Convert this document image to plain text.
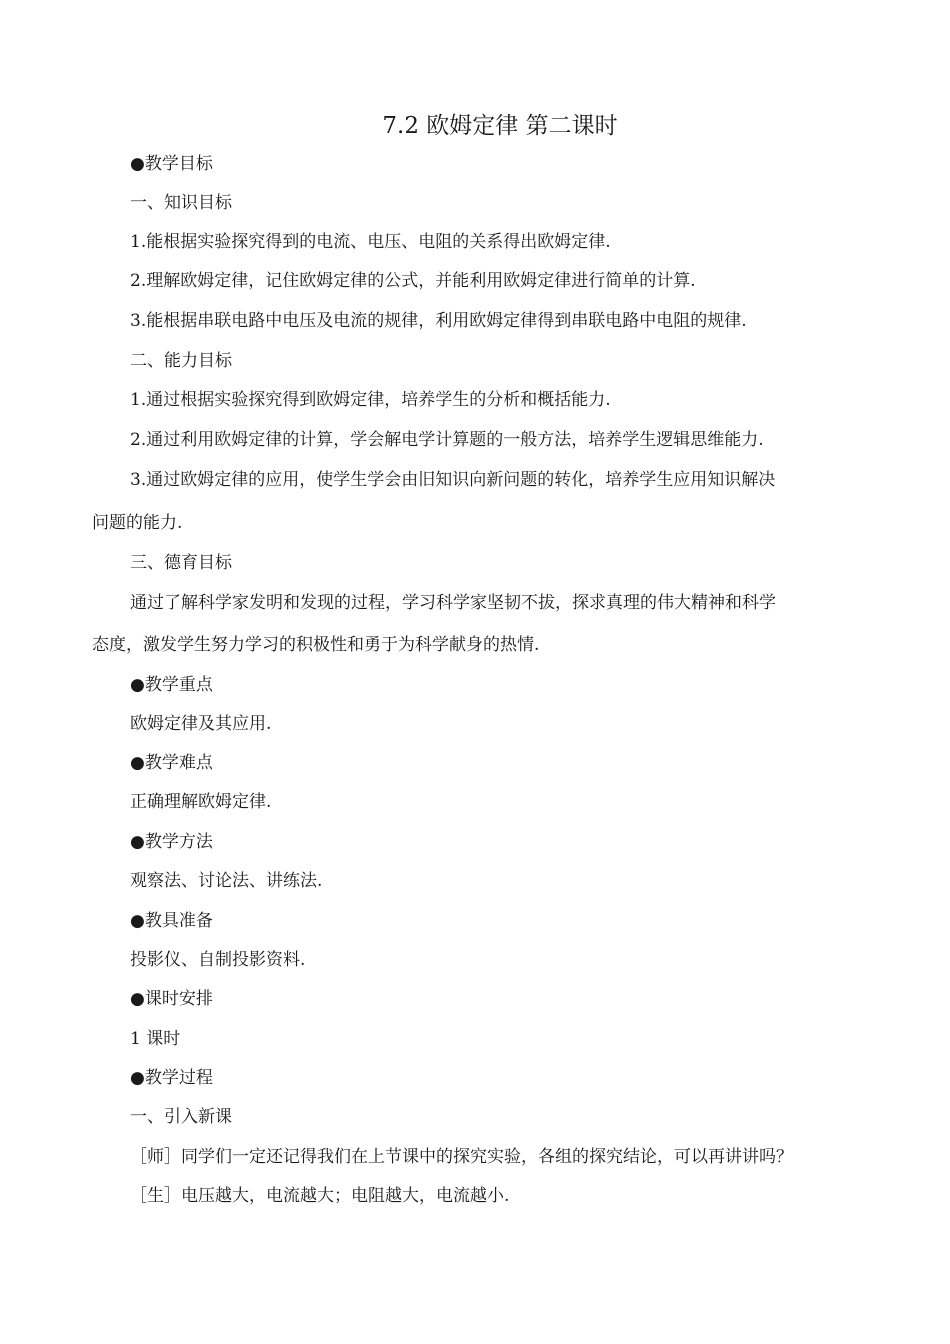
7.2 欧姆定律 第二课时
●教学目标
一、知识目标
1.能根据实验探究得到的电流、电压、电阻的关系得出欧姆定律.
2.理解欧姆定律，记住欧姆定律的公式，并能利用欧姆定律进行简单的计算.
3.能根据串联电路中电压及电流的规律，利用欧姆定律得到串联电路中电阻的规律.
二、能力目标
1.通过根据实验探究得到欧姆定律，培养学生的分析和概括能力.
2.通过利用欧姆定律的计算，学会解电学计算题的一般方法，培养学生逻辑思维能力.
3.通过欧姆定律的应用，使学生学会由旧知识向新问题的转化，培养学生应用知识解决
问题的能力.
三、德育目标
通过了解科学家发明和发现的过程，学习科学家坚韧不拔，探求真理的伟大精神和科学
态度，激发学生努力学习的积极性和勇于为科学献身的热情.
●教学重点
欧姆定律及其应用.
●教学难点
正确理解欧姆定律.
●教学方法
观察法、讨论法、讲练法.
●教具准备
投影仪、自制投影资料.
●课时安排
1 课时
●教学过程
一、引入新课
［师］同学们一定还记得我们在上节课中的探究实验，各组的探究结论，可以再讲讲吗？
［生］电压越大，电流越大；电阻越大，电流越小.
